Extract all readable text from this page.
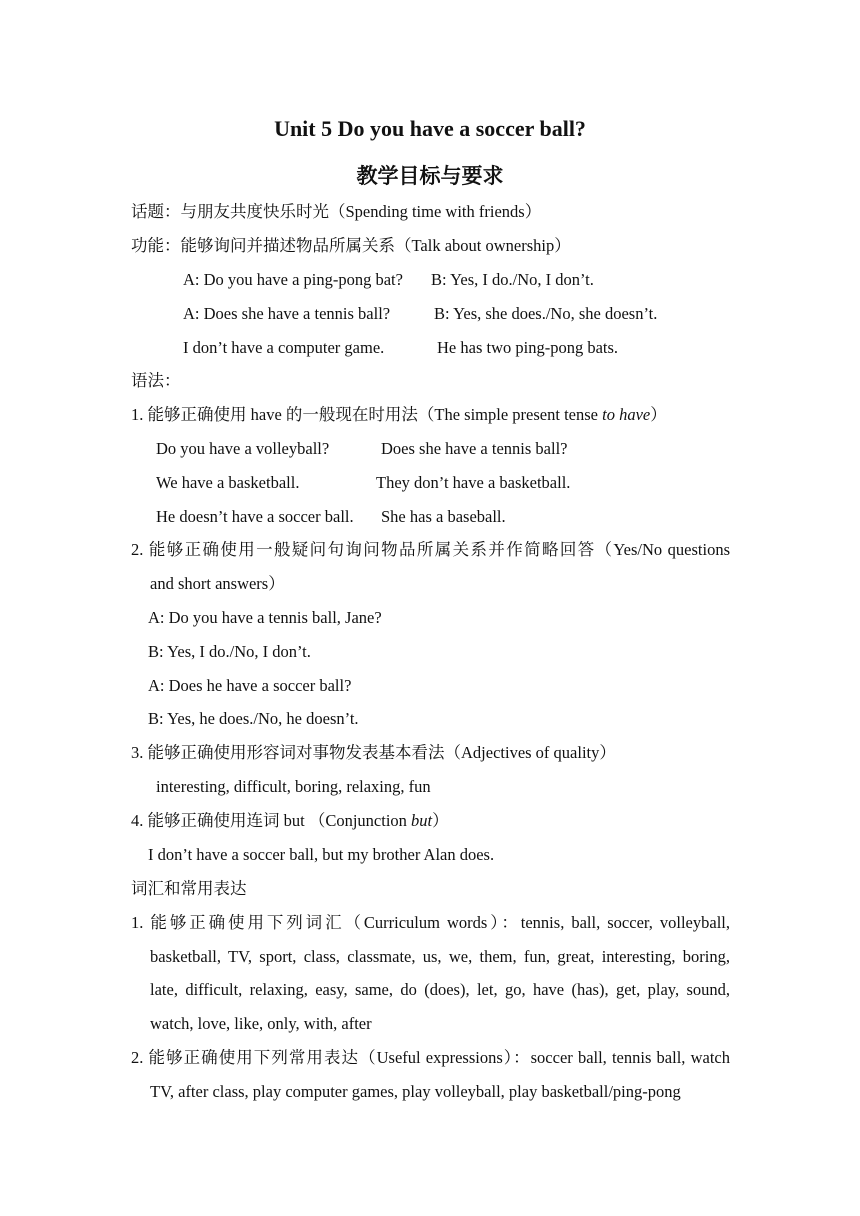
Unit 5 Do you have a soccer ball?
教学目标与要求
话题：与朋友共度快乐时光（Spending time with friends）
功能：能够询问并描述物品所属关系（Talk about ownership）
A: Do you have a ping-pong bat? B: Yes, I do./No, I don’t.
A: Does she have a tennis ball?	B: Yes, she does./No, she doesn’t.
I don’t have a computer game.	He has two ping-pong bats.
语法：
1. 能够正确使用 have 的一般现在时用法（The simple present tense to have）
Do you have a volleyball?	Does she have a tennis ball?
We have a basketball.	They don’t have a basketball.
He doesn’t have a soccer ball. She has a baseball.
2. 能够正确使用一般疑问句询问物品所属关系并作简略回答（Yes/No questions
and short answers）
A: Do you have a tennis ball, Jane?
B: Yes, I do./No, I don’t.
A: Does he have a soccer ball?
B: Yes, he does./No, he doesn’t.
3. 能够正确使用形容词对事物发表基本看法（Adjectives of quality）
interesting, difficult, boring, relaxing, fun
4. 能够正确使用连词 but （Conjunction but）
I don’t have a soccer ball, but my brother Alan does.
词汇和常用表达
1. 能够正确使用下列词汇（Curriculum words）：tennis, ball, soccer, volleyball,
basketball, TV, sport, class, classmate, us, we, them, fun, great, interesting, boring,
late, difficult, relaxing, easy, same, do (does), let, go, have (has), get, play, sound,
watch, love, like, only, with, after
2. 能够正确使用下列常用表达（Useful expressions）：soccer ball, tennis ball, watch
TV, after class, play computer games, play volleyball, play basketball/ping-pong
